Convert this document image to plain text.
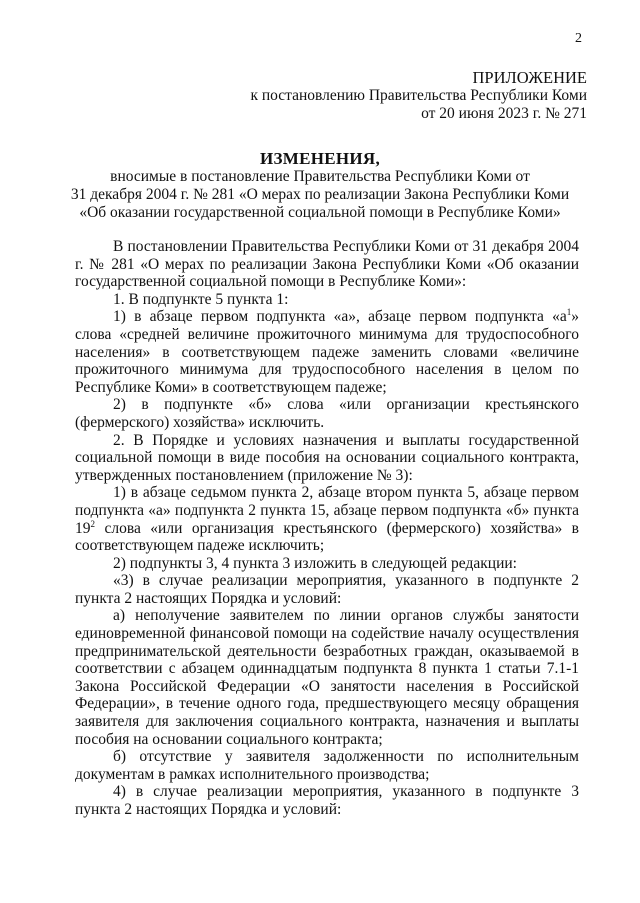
2
ПРИЛОЖЕНИЕ
к постановлению Правительства Республики Коми
от 20 июня 2023 г. № 271
ИЗМЕНЕНИЯ,
вносимые в постановление Правительства Республики Коми от
31 декабря 2004 г. № 281 «О мерах по реализации Закона Республики Коми
«Об оказании государственной социальной помощи в Республике Коми»

В постановлении Правительства Республики Коми от 31 декабря 2004 г. № 281 «О мерах по реализации Закона Республики Коми «Об оказании государственной социальной помощи в Республике Коми»:

1. В подпункте 5 пункта 1:

1) в абзаце первом подпункта «а», абзаце первом подпункта «$а^1$» слова «средней величине прожиточного минимума для трудоспособного населения» в соответствующем падеже заменить словами «величине прожиточного минимума для трудоспособного населения в целом по Республике Коми» в соответствующем падеже;

2) в подпункте «б» слова «или организации крестьянского (фермерского) хозяйства» исключить.

2. В Порядке и условиях назначения и выплаты государственной социальной помощи в виде пособия на основании социального контракта, утвержденных постановлением (приложение № 3):

1) в абзаце седьмом пункта 2, абзаце втором пункта 5, абзаце первом подпункта «а» подпункта 2 пункта 15, абзаце первом подпункта «б» пункта $19^2$ слова «или организация крестьянского (фермерского) хозяйства» в соответствующем падеже исключить;

2) подпункты 3, 4 пункта 3 изложить в следующей редакции:

«3) в случае реализации мероприятия, указанного в подпункте 2 пункта 2 настоящих Порядка и условий:

а) неполучение заявителем по линии органов службы занятости единовременной финансовой помощи на содействие началу осуществления предпринимательской деятельности безработных граждан, оказываемой в соответствии с абзацем одиннадцатым подпункта 8 пункта 1 статьи 7.1-1 Закона Российской Федерации «О занятости населения в Российской Федерации», в течение одного года, предшествующего месяцу обращения заявителя для заключения социального контракта, назначения и выплаты пособия на основании социального контракта;

б) отсутствие у заявителя задолженности по исполнительным документам в рамках исполнительного производства;

4) в случае реализации мероприятия, указанного в подпункте 3 пункта 2 настоящих Порядка и условий:
